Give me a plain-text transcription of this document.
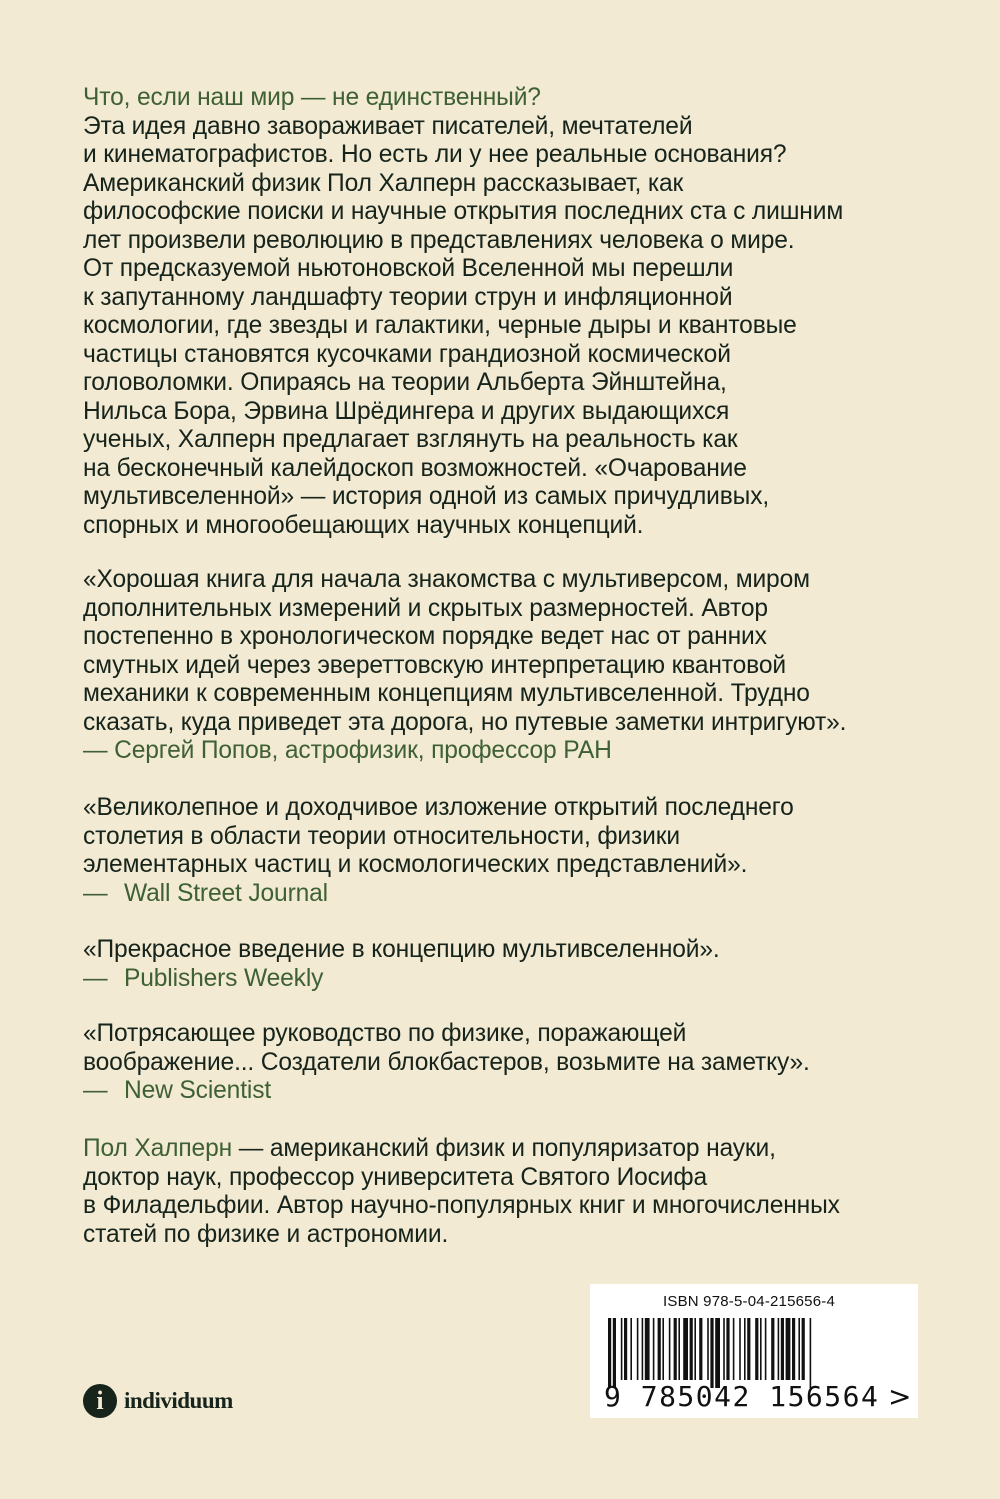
Что, если наш мир — не единственный?
Эта идея давно завораживает писателей, мечтателей
и кинематографистов. Но есть ли у нее реальные основания?
Американский физик Пол Халперн рассказывает, как
философские поиски и научные открытия последних ста с лишним
лет произвели революцию в представлениях человека о мире.
От предсказуемой ньютоновской Вселенной мы перешли
к запутанному ландшафту теории струн и инфляционной
космологии, где звезды и галактики, черные дыры и квантовые
частицы становятся кусочками грандиозной космической
головоломки. Опираясь на теории Альберта Эйнштейна,
Нильса Бора, Эрвина Шрёдингера и других выдающихся
ученых, Халперн предлагает взглянуть на реальность как
на бесконечный калейдоскоп возможностей. «Очарование
мультивселенной» — история одной из самых причудливых,
спорных и многообещающих научных концепций.
«Хорошая книга для начала знакомства с мультиверсом, миром
дополнительных измерений и скрытых размерностей. Автор
постепенно в хронологическом порядке ведет нас от ранних
смутных идей через эвереттовскую интерпретацию квантовой
механики к современным концепциям мультивселенной. Трудно
сказать, куда приведет эта дорога, но путевые заметки интригуют».
— Сергей Попов, астрофизик, профессор РАН
«Великолепное и доходчивое изложение открытий последнего
столетия в области теории относительности, физики
элементарных частиц и космологических представлений».
— Wall Street Journal
«Прекрасное введение в концепцию мультивселенной».
— Publishers Weekly
«Потрясающее руководство по физике, поражающей
воображение... Создатели блокбастеров, возьмите на заметку».
— New Scientist
Пол Халперн — американский физик и популяризатор науки,
доктор наук, профессор университета Святого Иосифа
в Филадельфии. Автор научно-популярных книг и многочисленных
статей по физике и астрономии.
ISBN 978-5-04-215656-4
9 785042 156564 >
i individuum
